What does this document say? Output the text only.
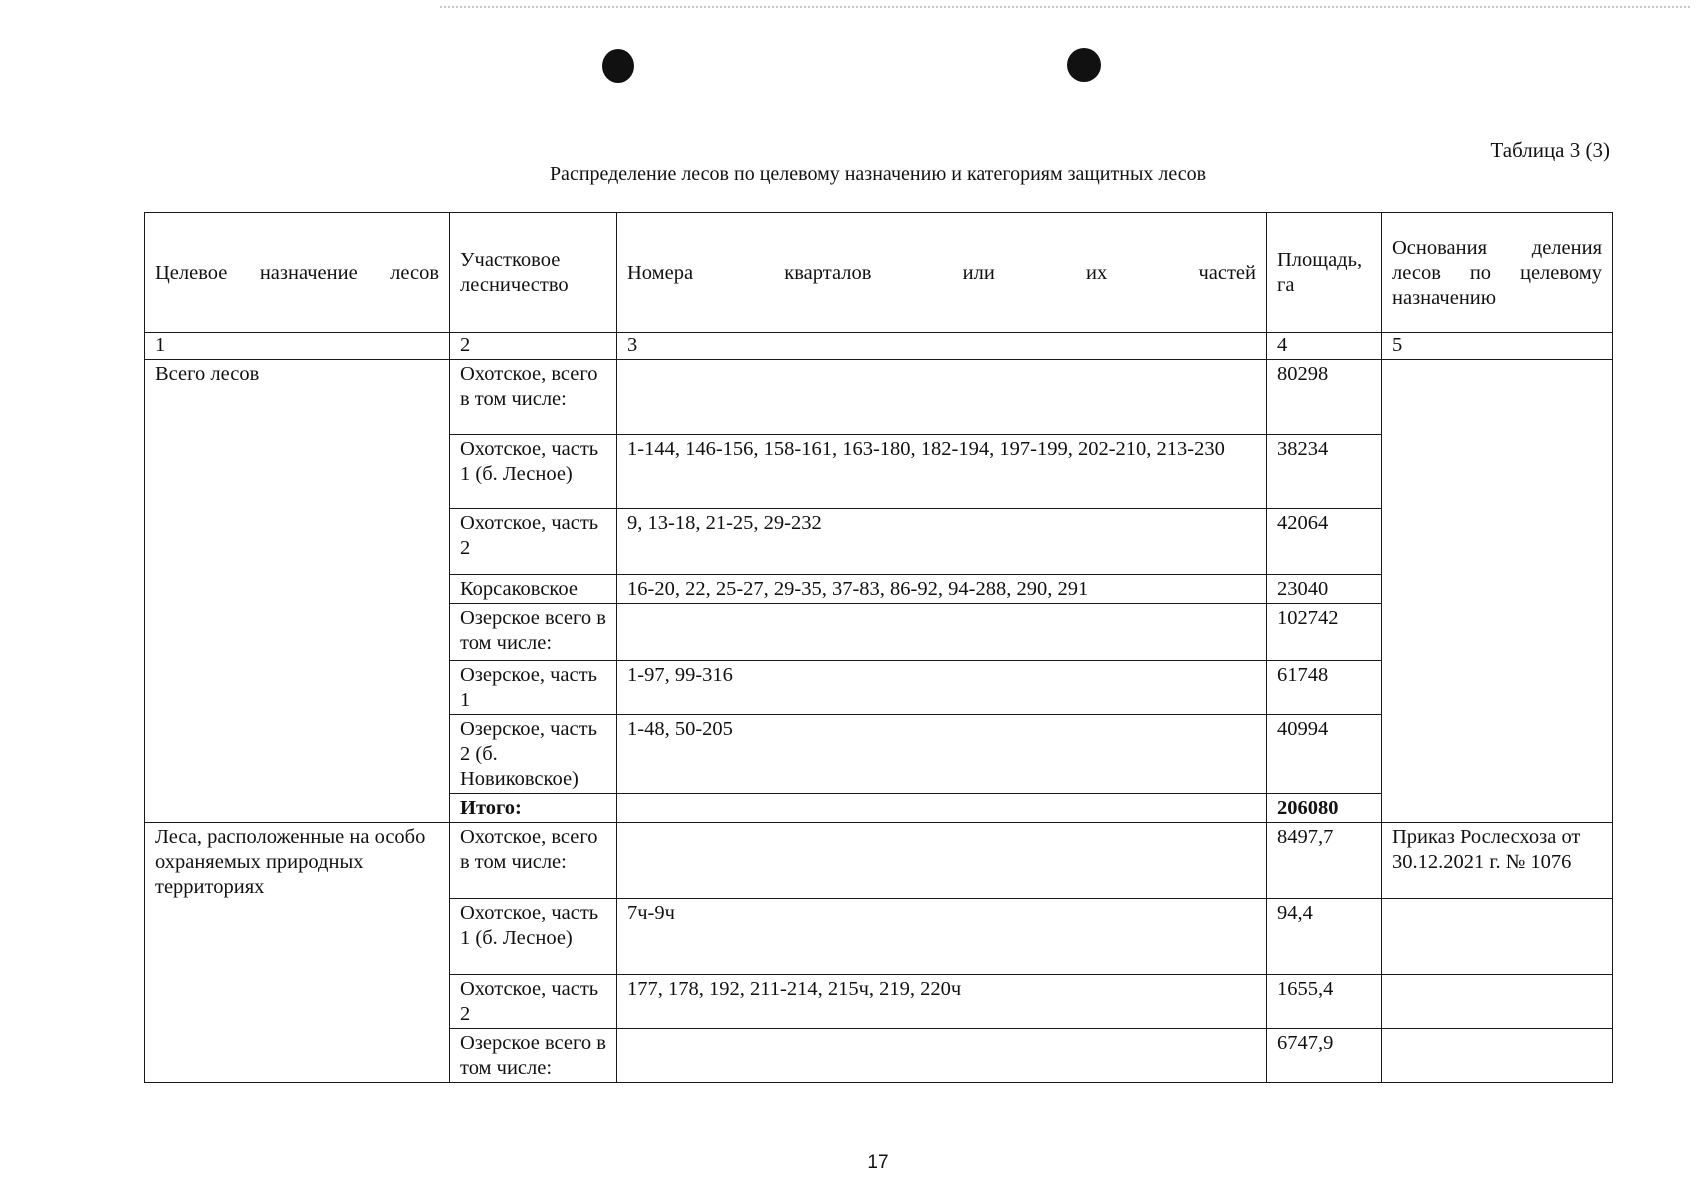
Таблица 3 (3)
Распределение лесов по целевому назначению и категориям защитных лесов
Целевое назначение лесов	Участковое лесничество	Номера кварталов или их частей	Площадь, га	Основания деления лесов по целевому назначению
1	2	3	4	5
Всего лесов	Охотское, всего в том числе:		80298	
	Охотское, часть 1 (б. Лесное)	1-144, 146-156, 158-161, 163-180, 182-194, 197-199, 202-210, 213-230	38234	
	Охотское, часть 2	9, 13-18, 21-25, 29-232	42064	
	Корсаковское	16-20, 22, 25-27, 29-35, 37-83, 86-92, 94-288, 290, 291	23040	
	Озерское всего в том числе:		102742	
	Озерское, часть 1	1-97, 99-316	61748	
	Озерское, часть 2 (б. Новиковское)	1-48, 50-205	40994	
	Итого:		206080	
Леса, расположенные на особо охраняемых природных территориях	Охотское, всего в том числе:		8497,7	Приказ Рослесхоза от 30.12.2021 г. № 1076
	Охотское, часть 1 (б. Лесное)	7ч-9ч	94,4	
	Охотское, часть 2	177, 178, 192, 211-214, 215ч, 219, 220ч	1655,4	
	Озерское всего в том числе:		6747,9	
17
